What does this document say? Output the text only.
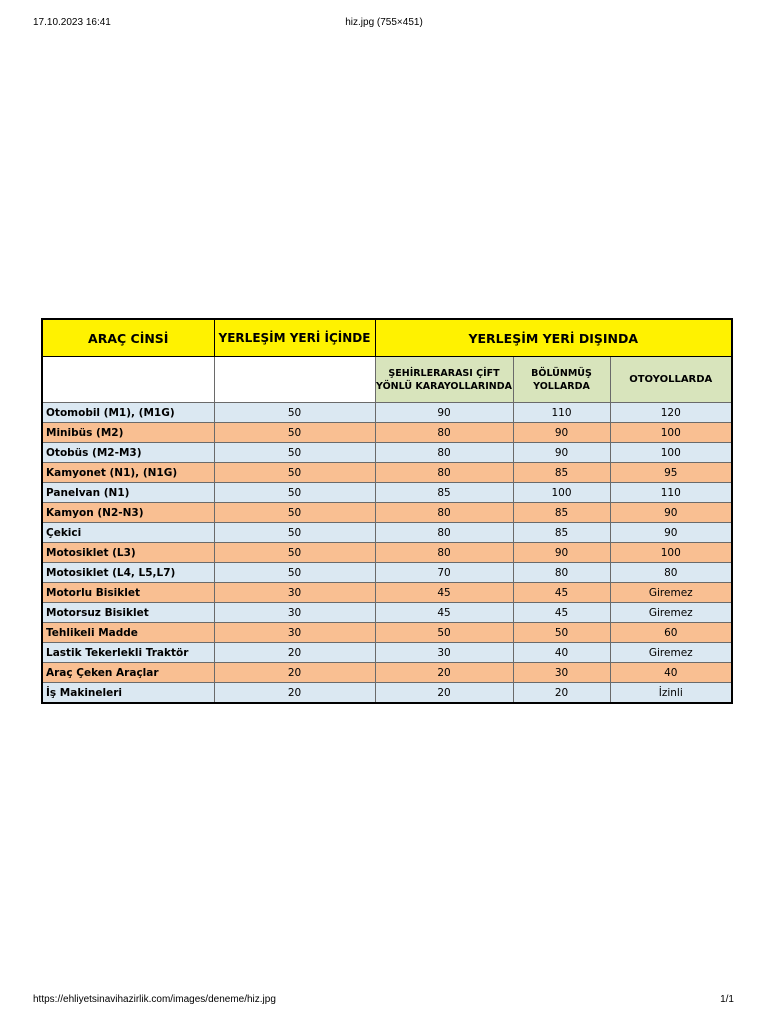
17.10.2023 16:41	hiz.jpg (755×451)
ARAÇ CİNSİ	YERLEŞİM YERİ İÇİNDE	YERLEŞİM YERİ DIŞINDA		
		ŞEHİRLERARASI ÇİFT YÖNLÜ KARAYOLLARINDA	BÖLÜNMÜŞ YOLLARDA	OTOYOLLARDA
Otomobil (M1), (M1G)	50	90	110	120
Minibüs (M2)	50	80	90	100
Otobüs (M2-M3)	50	80	90	100
Kamyonet (N1), (N1G)	50	80	85	95
Panelvan (N1)	50	85	100	110
Kamyon (N2-N3)	50	80	85	90
Çekici	50	80	85	90
Motosiklet (L3)	50	80	90	100
Motosiklet (L4, L5,L7)	50	70	80	80
Motorlu Bisiklet	30	45	45	Giremez
Motorsuz Bisiklet	30	45	45	Giremez
Tehlikeli Madde	30	50	50	60
Lastik Tekerlekli Traktör	20	30	40	Giremez
Araç Çeken Araçlar	20	20	30	40
İş Makineleri	20	20	20	İzinli
https://ehliyetsinavihazirlik.com/images/deneme/hiz.jpg	1/1
